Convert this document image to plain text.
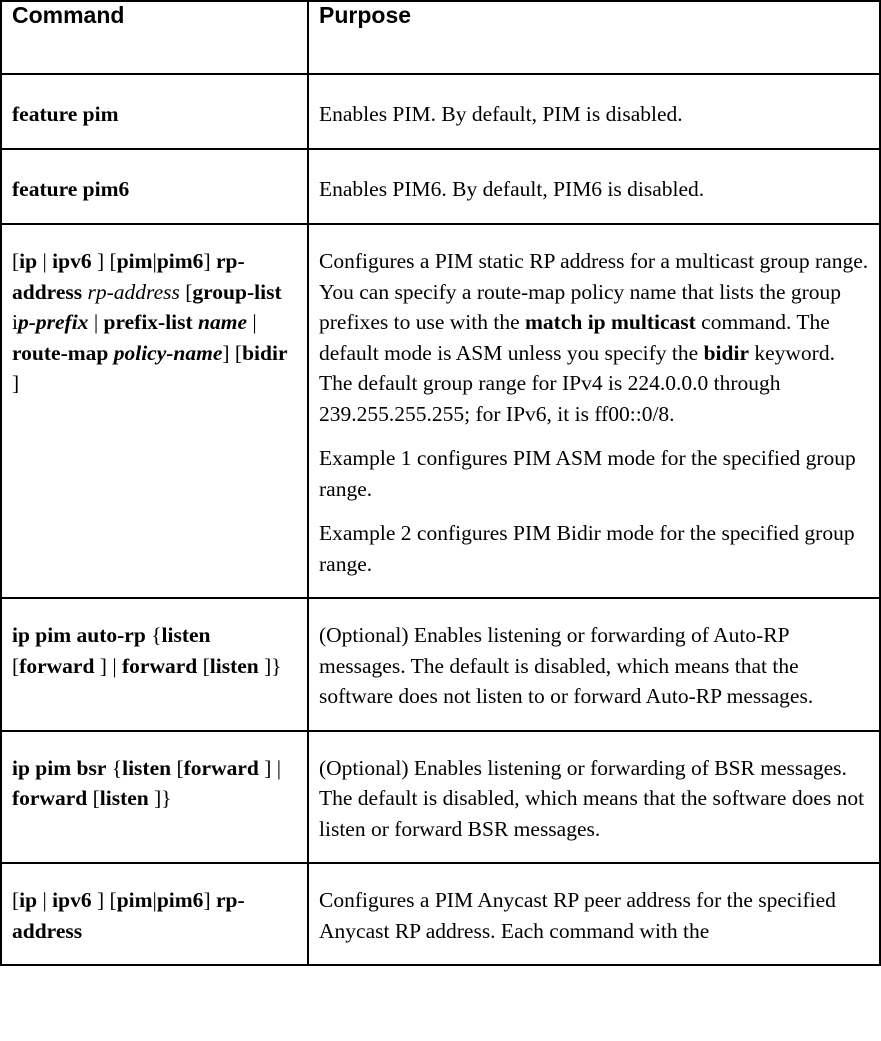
Command	Purpose

feature pim	Enables PIM. By default, PIM is disabled.

feature pim6	Enables PIM6. By default, PIM6 is disabled.

[ip | ipv6 ] [pim|pim6] rp-address rp-address [group-list ip-prefix | prefix-list name | route-map policy-name] [bidir ]	Configures a PIM static RP address for a multicast group range. You can specify a route-map policy name that lists the group prefixes to use with the match ip multicast command. The default mode is ASM unless you specify the bidir keyword. The default group range for IPv4 is 224.0.0.0 through 239.255.255.255; for IPv6, it is ff00::0/8.

Example 1 configures PIM ASM mode for the specified group range.

Example 2 configures PIM Bidir mode for the specified group range.

ip pim auto-rp {listen [forward ] | forward [listen ]}	(Optional) Enables listening or forwarding of Auto-RP messages. The default is disabled, which means that the software does not listen to or forward Auto-RP messages.

ip pim bsr {listen [forward ] | forward [listen ]}	(Optional) Enables listening or forwarding of BSR messages. The default is disabled, which means that the software does not listen or forward BSR messages.

[ip | ipv6 ] [pim|pim6] rp-address	Configures a PIM Anycast RP peer address for the specified Anycast RP address. Each command with the
